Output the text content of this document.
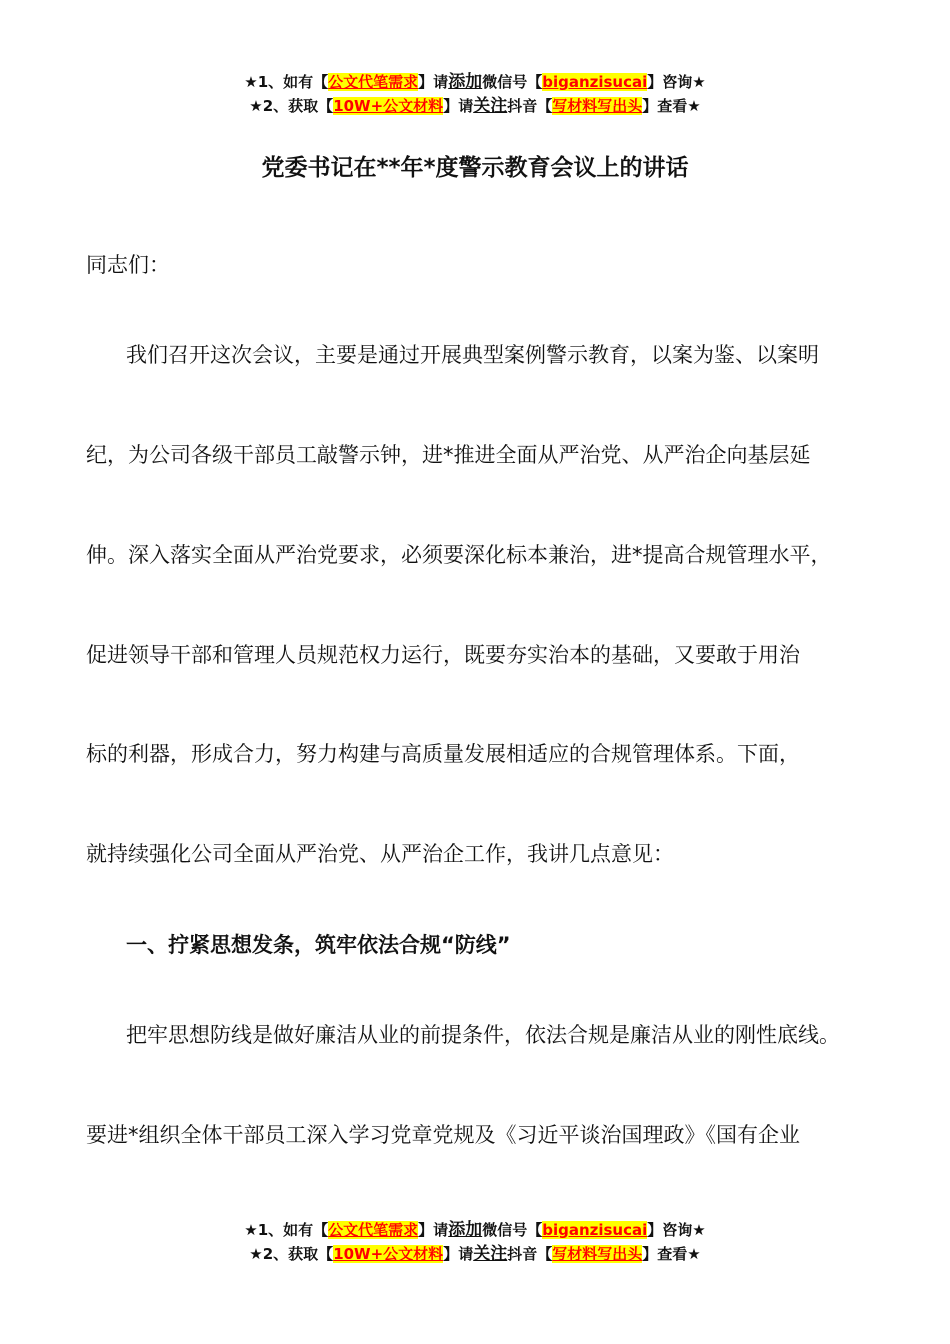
★1、如有【公文代笔需求】请添加微信号【biganzisucai】咨询★
★2、获取【10W+公文材料】请关注抖音【写材料写出头】查看★
党委书记在**年*度警示教育会议上的讲话
同志们：
我们召开这次会议，主要是通过开展典型案例警示教育，以案为鉴、以案明
纪，为公司各级干部员工敲警示钟，进*推进全面从严治党、从严治企向基层延
伸。深入落实全面从严治党要求，必须要深化标本兼治，进*提高合规管理水平，
促进领导干部和管理人员规范权力运行，既要夯实治本的基础，又要敢于用治
标的利器，形成合力，努力构建与高质量发展相适应的合规管理体系。下面，
就持续强化公司全面从严治党、从严治企工作，我讲几点意见：
一、拧紧思想发条，筑牢依法合规“防线”
把牢思想防线是做好廉洁从业的前提条件，依法合规是廉洁从业的刚性底线。
要进*组织全体干部员工深入学习党章党规及《习近平谈治国理政》《国有企业
★1、如有【公文代笔需求】请添加微信号【biganzisucai】咨询★
★2、获取【10W+公文材料】请关注抖音【写材料写出头】查看★
